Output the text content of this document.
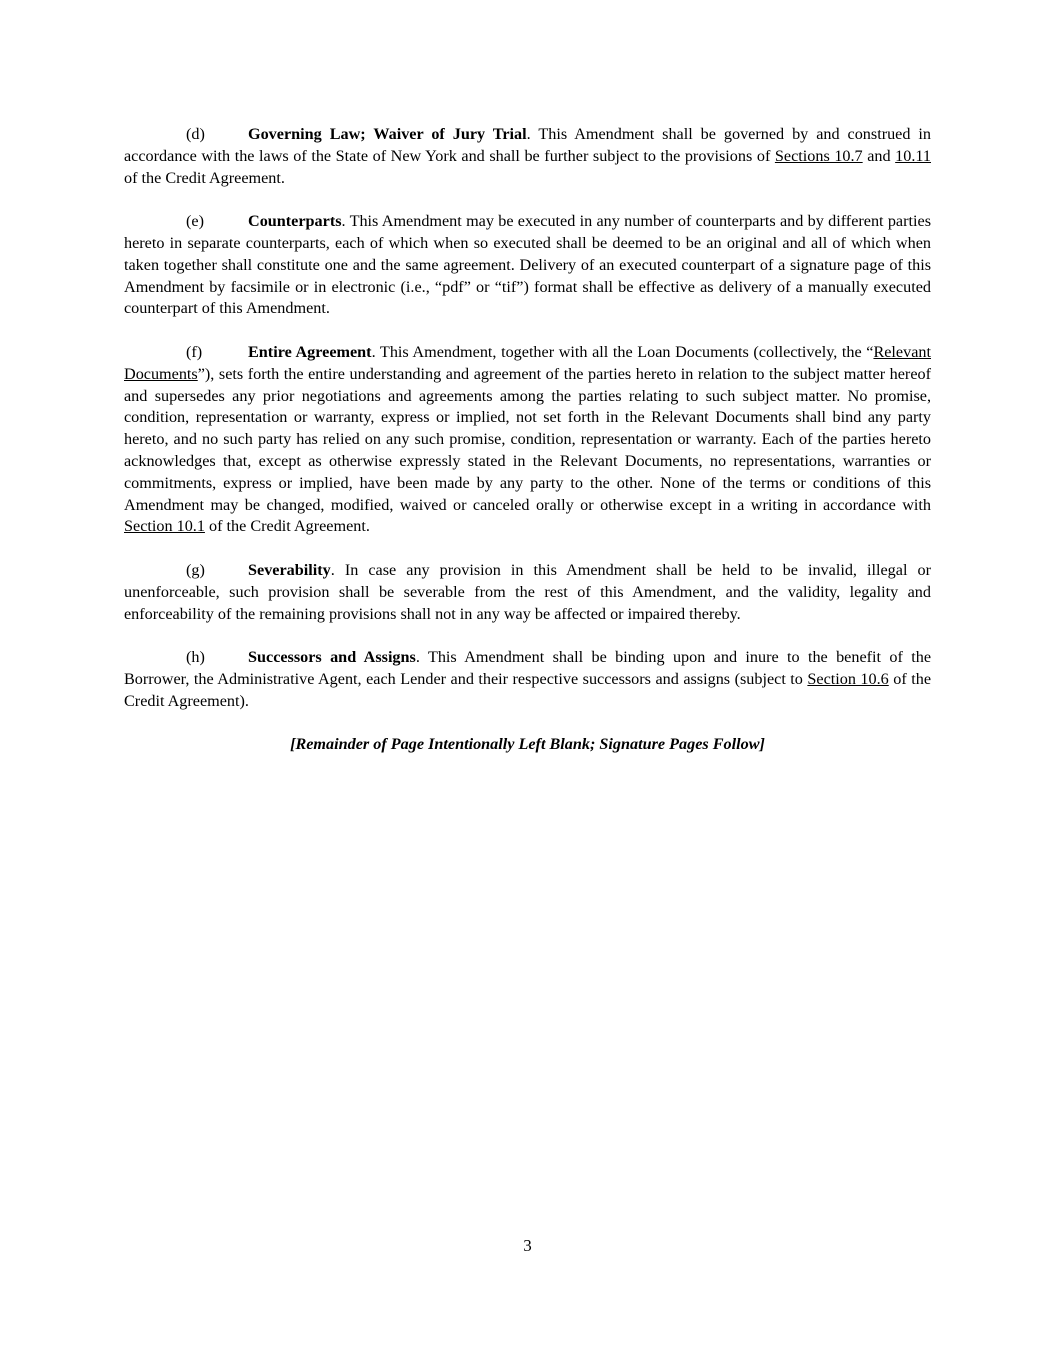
(d)	Governing Law; Waiver of Jury Trial. This Amendment shall be governed by and construed in accordance with the laws of the State of New York and shall be further subject to the provisions of Sections 10.7 and 10.11 of the Credit Agreement.

(e)	Counterparts. This Amendment may be executed in any number of counterparts and by different parties hereto in separate counterparts, each of which when so executed shall be deemed to be an original and all of which when taken together shall constitute one and the same agreement. Delivery of an executed counterpart of a signature page of this Amendment by facsimile or in electronic (i.e., “pdf” or “tif”) format shall be effective as delivery of a manually executed counterpart of this Amendment.

(f)	Entire Agreement. This Amendment, together with all the Loan Documents (collectively, the “Relevant Documents”), sets forth the entire understanding and agreement of the parties hereto in relation to the subject matter hereof and supersedes any prior negotiations and agreements among the parties relating to such subject matter. No promise, condition, representation or warranty, express or implied, not set forth in the Relevant Documents shall bind any party hereto, and no such party has relied on any such promise, condition, representation or warranty. Each of the parties hereto acknowledges that, except as otherwise expressly stated in the Relevant Documents, no representations, warranties or commitments, express or implied, have been made by any party to the other. None of the terms or conditions of this Amendment may be changed, modified, waived or canceled orally or otherwise except in a writing in accordance with Section 10.1 of the Credit Agreement.

(g)	Severability. In case any provision in this Amendment shall be held to be invalid, illegal or unenforceable, such provision shall be severable from the rest of this Amendment, and the validity, legality and enforceability of the remaining provisions shall not in any way be affected or impaired thereby.

(h)	Successors and Assigns. This Amendment shall be binding upon and inure to the benefit of the Borrower, the Administrative Agent, each Lender and their respective successors and assigns (subject to Section 10.6 of the Credit Agreement).

[Remainder of Page Intentionally Left Blank; Signature Pages Follow]

3
